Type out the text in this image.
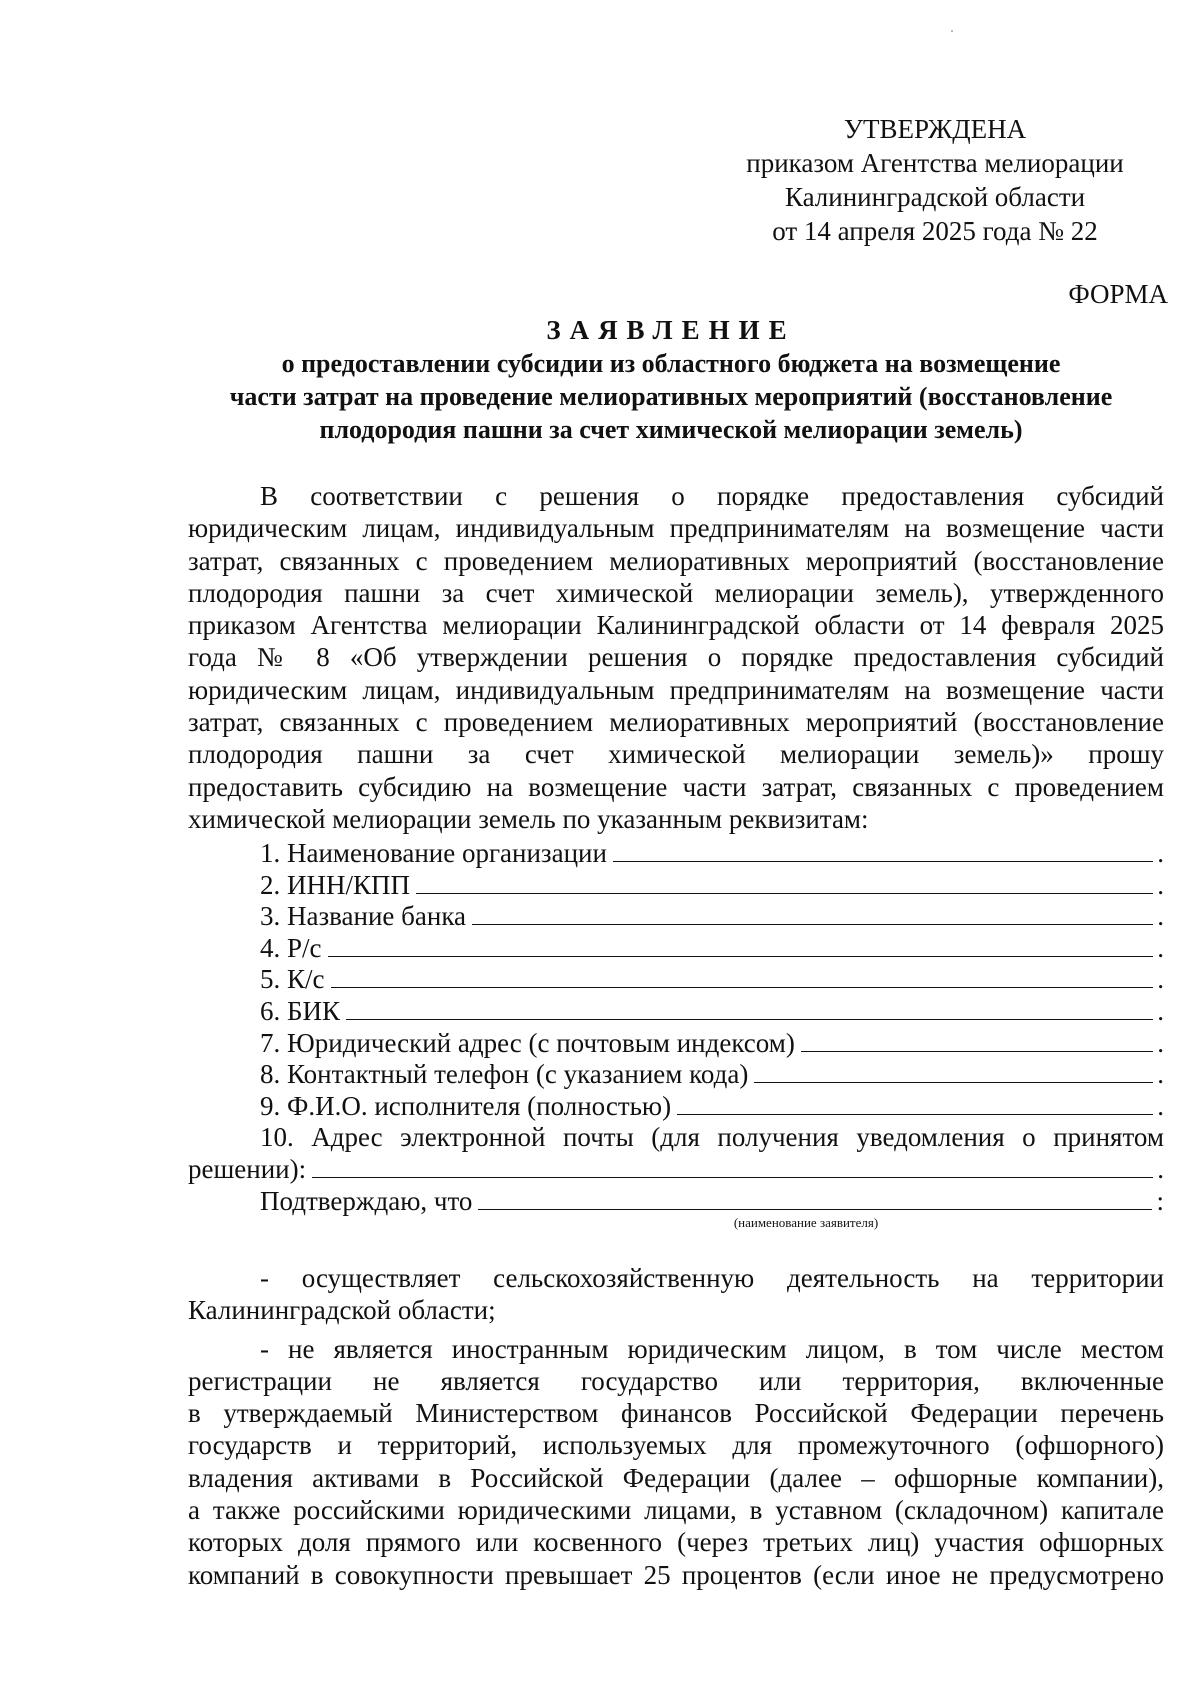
УТВЕРЖДЕНА
приказом Агентства мелиорации
Калининградской области
от 14 апреля 2025 года № 22
ФОРМА
ЗАЯВЛЕНИЕ
о предоставлении субсидии из областного бюджета на возмещение
части затрат на проведение мелиоративных мероприятий (восстановление
плодородия пашни за счет химической мелиорации земель)
В соответствии с решения о порядке предоставления субсидий
юридическим лицам, индивидуальным предпринимателям на возмещение части
затрат, связанных с проведением мелиоративных мероприятий (восстановление
плодородия пашни за счет химической мелиорации земель), утвержденного
приказом Агентства мелиорации Калининградской области от 14 февраля 2025
года № 8 «Об утверждении решения о порядке предоставления субсидий
юридическим лицам, индивидуальным предпринимателям на возмещение части
затрат, связанных с проведением мелиоративных мероприятий (восстановление
плодородия пашни за счет химической мелиорации земель)» прошу
предоставить субсидию на возмещение части затрат, связанных с проведением
химической мелиорации земель по указанным реквизитам:
1. Наименование организации	.
2. ИНН/КПП	.
3. Название банка	.
4. Р/с	.
5. К/с	.
6. БИК	.
7. Юридический адрес (с почтовым индексом)	.
8. Контактный телефон (с указанием кода)	.
9. Ф.И.О. исполнителя (полностью)	.
10. Адрес электронной почты (для получения уведомления о принятом
решении):	.
Подтверждаю, что	:
(наименование заявителя)
- осуществляет сельскохозяйственную деятельность на территории
Калининградской области;
- не является иностранным юридическим лицом, в том числе местом
регистрации не является государство или территория, включенные
в утверждаемый Министерством финансов Российской Федерации перечень
государств и территорий, используемых для промежуточного (офшорного)
владения активами в Российской Федерации (далее – офшорные компании),
а также российскими юридическими лицами, в уставном (складочном) капитале
которых доля прямого или косвенного (через третьих лиц) участия офшорных
компаний в совокупности превышает 25 процентов (если иное не предусмотрено
